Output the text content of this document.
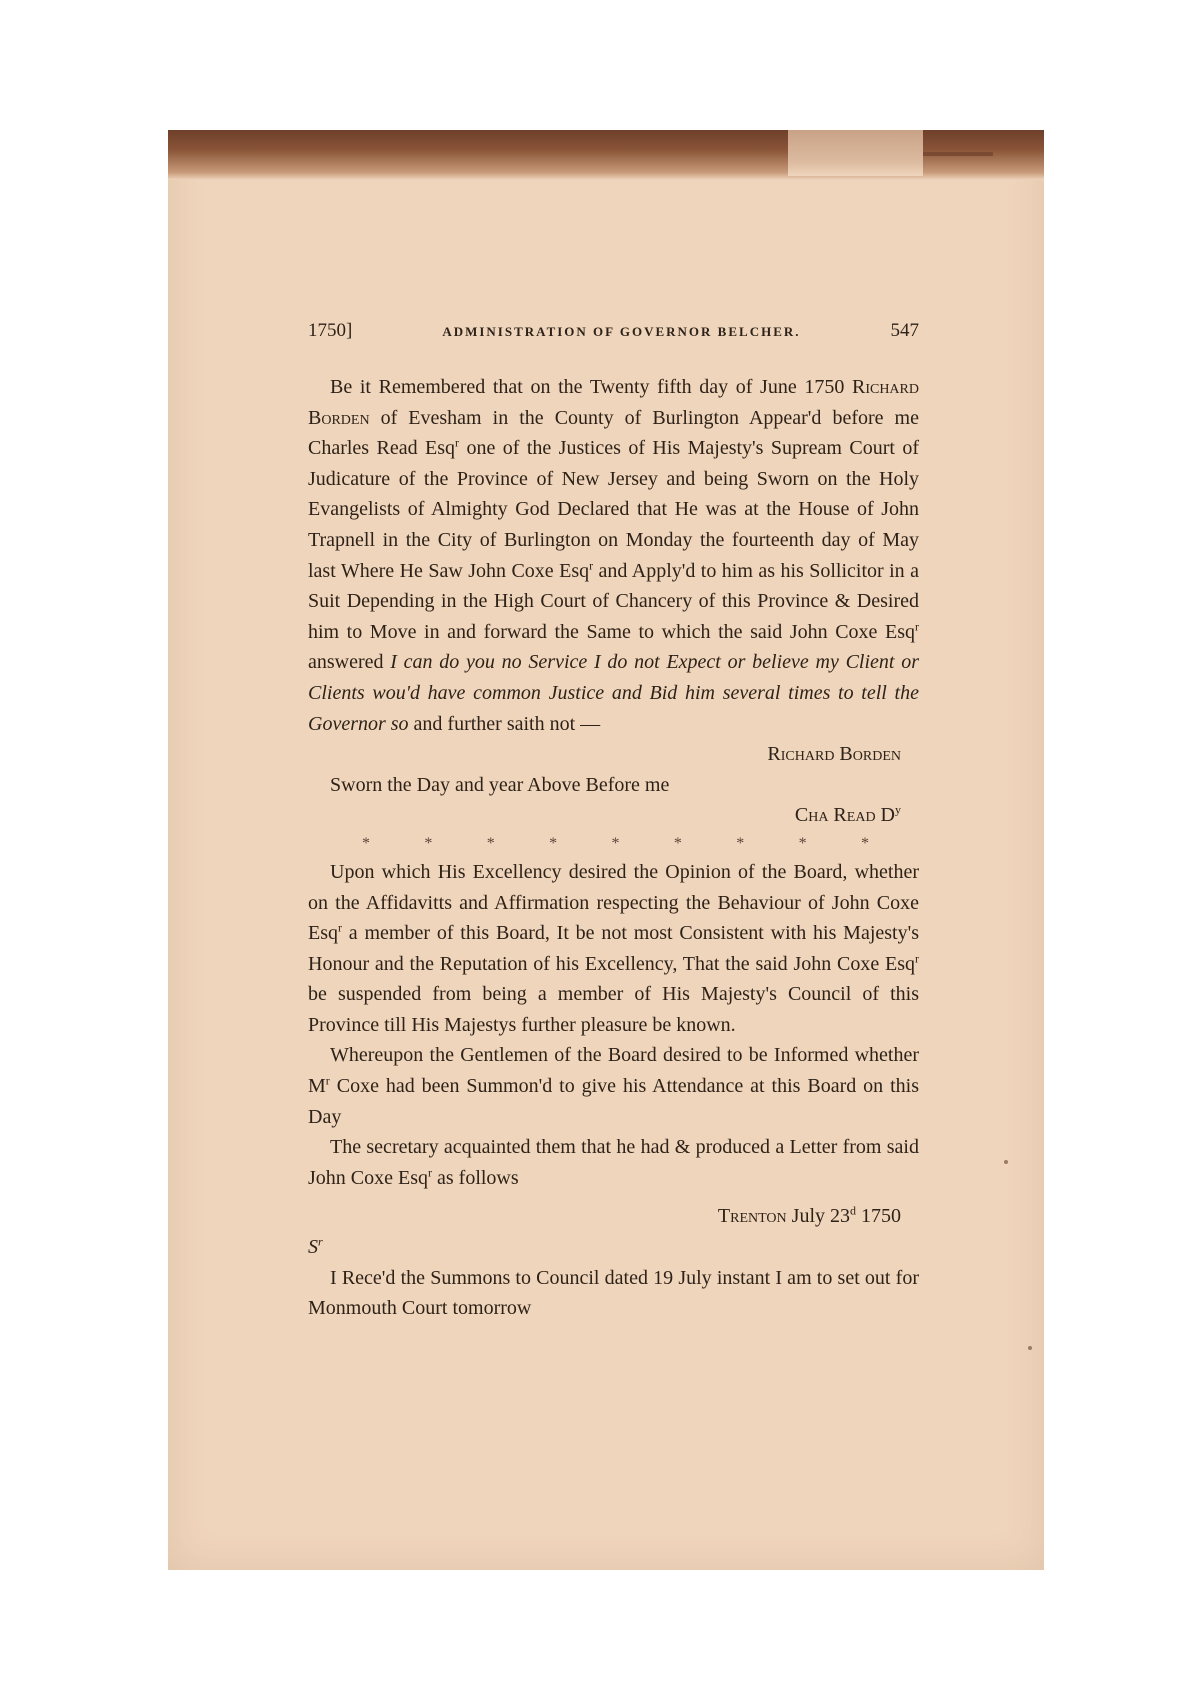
1750]	ADMINISTRATION OF GOVERNOR BELCHER.	547

Be it Remembered that on the Twenty fifth day of June 1750 Richard Borden of Evesham in the County of Burlington Appear'd before me Charles Read Esq$^r$ one of the Justices of His Majesty's Supream Court of Judicature of the Province of New Jersey and being Sworn on the Holy Evangelists of Almighty God Declared that He was at the House of John Trapnell in the City of Burlington on Monday the fourteenth day of May last Where He Saw John Coxe Esq$^r$ and Apply'd to him as his Sollicitor in a Suit Depending in the High Court of Chancery of this Province & Desired him to Move in and forward the Same to which the said John Coxe Esq$^r$ answered I can do you no Service I do not Expect or believe my Client or Clients wou'd have common Justice and Bid him several times to tell the Governor so and further saith not —

Richard Borden

Sworn the Day and year Above Before me

Cha Read $D^y$

*	*	*	*	*	*	*	*	*

Upon which His Excellency desired the Opinion of the Board, whether on the Affidavitts and Affirmation respecting the Behaviour of John Coxe Esq$^r$ a member of this Board, It be not most Consistent with his Majesty's Honour and the Reputation of his Excellency, That the said John Coxe Esq$^r$ be suspended from being a member of His Majesty's Council of this Province till His Majestys further pleasure be known.

Whereupon the Gentlemen of the Board desired to be Informed whether $M^r$ Coxe had been Summon'd to give his Attendance at this Board on this Day

The secretary acquainted them that he had & produced a Letter from said John Coxe Esq$^r$ as follows

Trenton July 23$^d$ 1750

$S^r$

I Rece'd the Summons to Council dated 19 July instant I am to set out for Monmouth Court tomorrow
